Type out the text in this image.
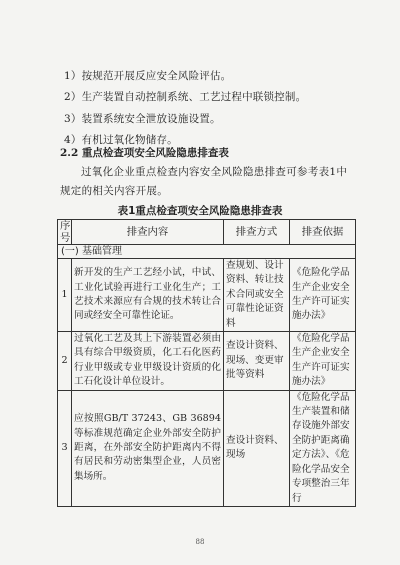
1）按规范开展反应安全风险评估。
2）生产装置自动控制系统、工艺过程中联锁控制。
3）装置系统安全泄放设施设置。
4）有机过氧化物储存。
2.2 重点检查项安全风险隐患排查表
过氧化企业重点检查内容安全风险隐患排查可参考表1中规定的相关内容开展。
表1重点检查项安全风险隐患排查表
序号	排查内容	排查方式	排查依据
(一) 基础管理			
1	新开发的生产工艺经小试，中试、工业化试验再进行工业化生产；工艺技术来源应有合规的技术转让合同或经安全可靠性论证。	查规划、设计资料、转让技术合同或安全可靠性论证资料	《危险化学品生产企业安全生产许可证实施办法》
2	过氧化工艺及其上下游装置必须由具有综合甲级资质，化工石化医药行业甲级或专业甲级设计资质的化工石化设计单位设计。	查设计资料、现场、变更审批等资料	《危险化学品生产企业安全生产许可证实施办法》
3	应按照GB/T 37243、GB 36894等标准规范确定企业外部安全防护距离，在外部安全防护距离内不得有居民和劳动密集型企业，人员密集场所。	查设计资料、现场	《危险化学品生产装置和储存设施外部安全防护距离确定方法》、《危险化学品安全专项整治三年行
88
